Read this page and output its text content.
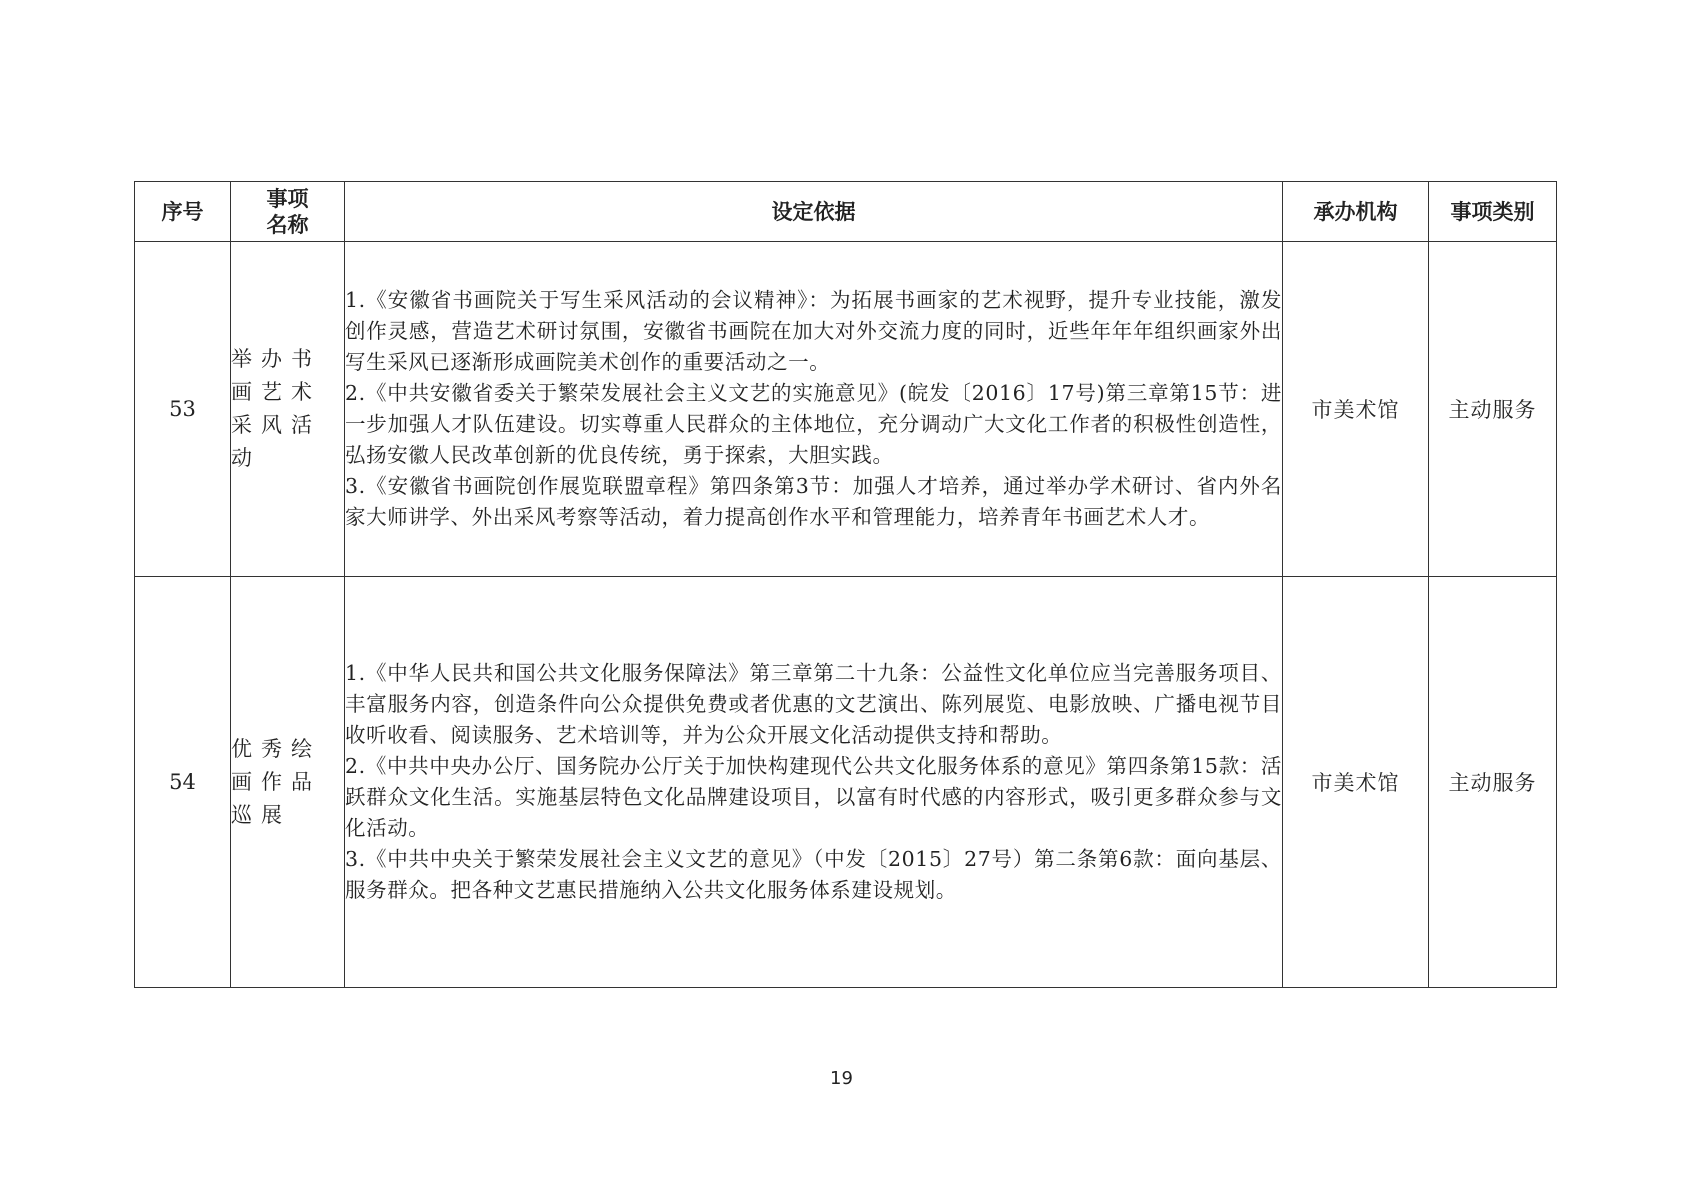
序号	事项名称	设定依据	承办机构	事项类别
53	举办书画艺术采风活动	1.《安徽省书画院关于写生采风活动的会议精神》：为拓展书画家的艺术视野，提升专业技能，激发创作灵感，营造艺术研讨氛围，安徽省书画院在加大对外交流力度的同时，近些年年年组织画家外出写生采风已逐渐形成画院美术创作的重要活动之一。

2.《中共安徽省委关于繁荣发展社会主义文艺的实施意见》(皖发〔2016〕17号)第三章第15节：进一步加强人才队伍建设。切实尊重人民群众的主体地位，充分调动广大文化工作者的积极性创造性，弘扬安徽人民改革创新的优良传统，勇于探索，大胆实践。

3.《安徽省书画院创作展览联盟章程》第四条第3节：加强人才培养，通过举办学术研讨、省内外名家大师讲学、外出采风考察等活动，着力提高创作水平和管理能力，培养青年书画艺术人才。	市美术馆	主动服务
54	优秀绘画作品巡展	1.《中华人民共和国公共文化服务保障法》第三章第二十九条：公益性文化单位应当完善服务项目、丰富服务内容，创造条件向公众提供免费或者优惠的文艺演出、陈列展览、电影放映、广播电视节目收听收看、阅读服务、艺术培训等，并为公众开展文化活动提供支持和帮助。

2.《中共中央办公厅、国务院办公厅关于加快构建现代公共文化服务体系的意见》第四条第15款：活跃群众文化生活。实施基层特色文化品牌建设项目，以富有时代感的内容形式，吸引更多群众参与文化活动。

3.《中共中央关于繁荣发展社会主义文艺的意见》（中发〔2015〕27号）第二条第6款：面向基层、服务群众。把各种文艺惠民措施纳入公共文化服务体系建设规划。	市美术馆	主动服务
19
